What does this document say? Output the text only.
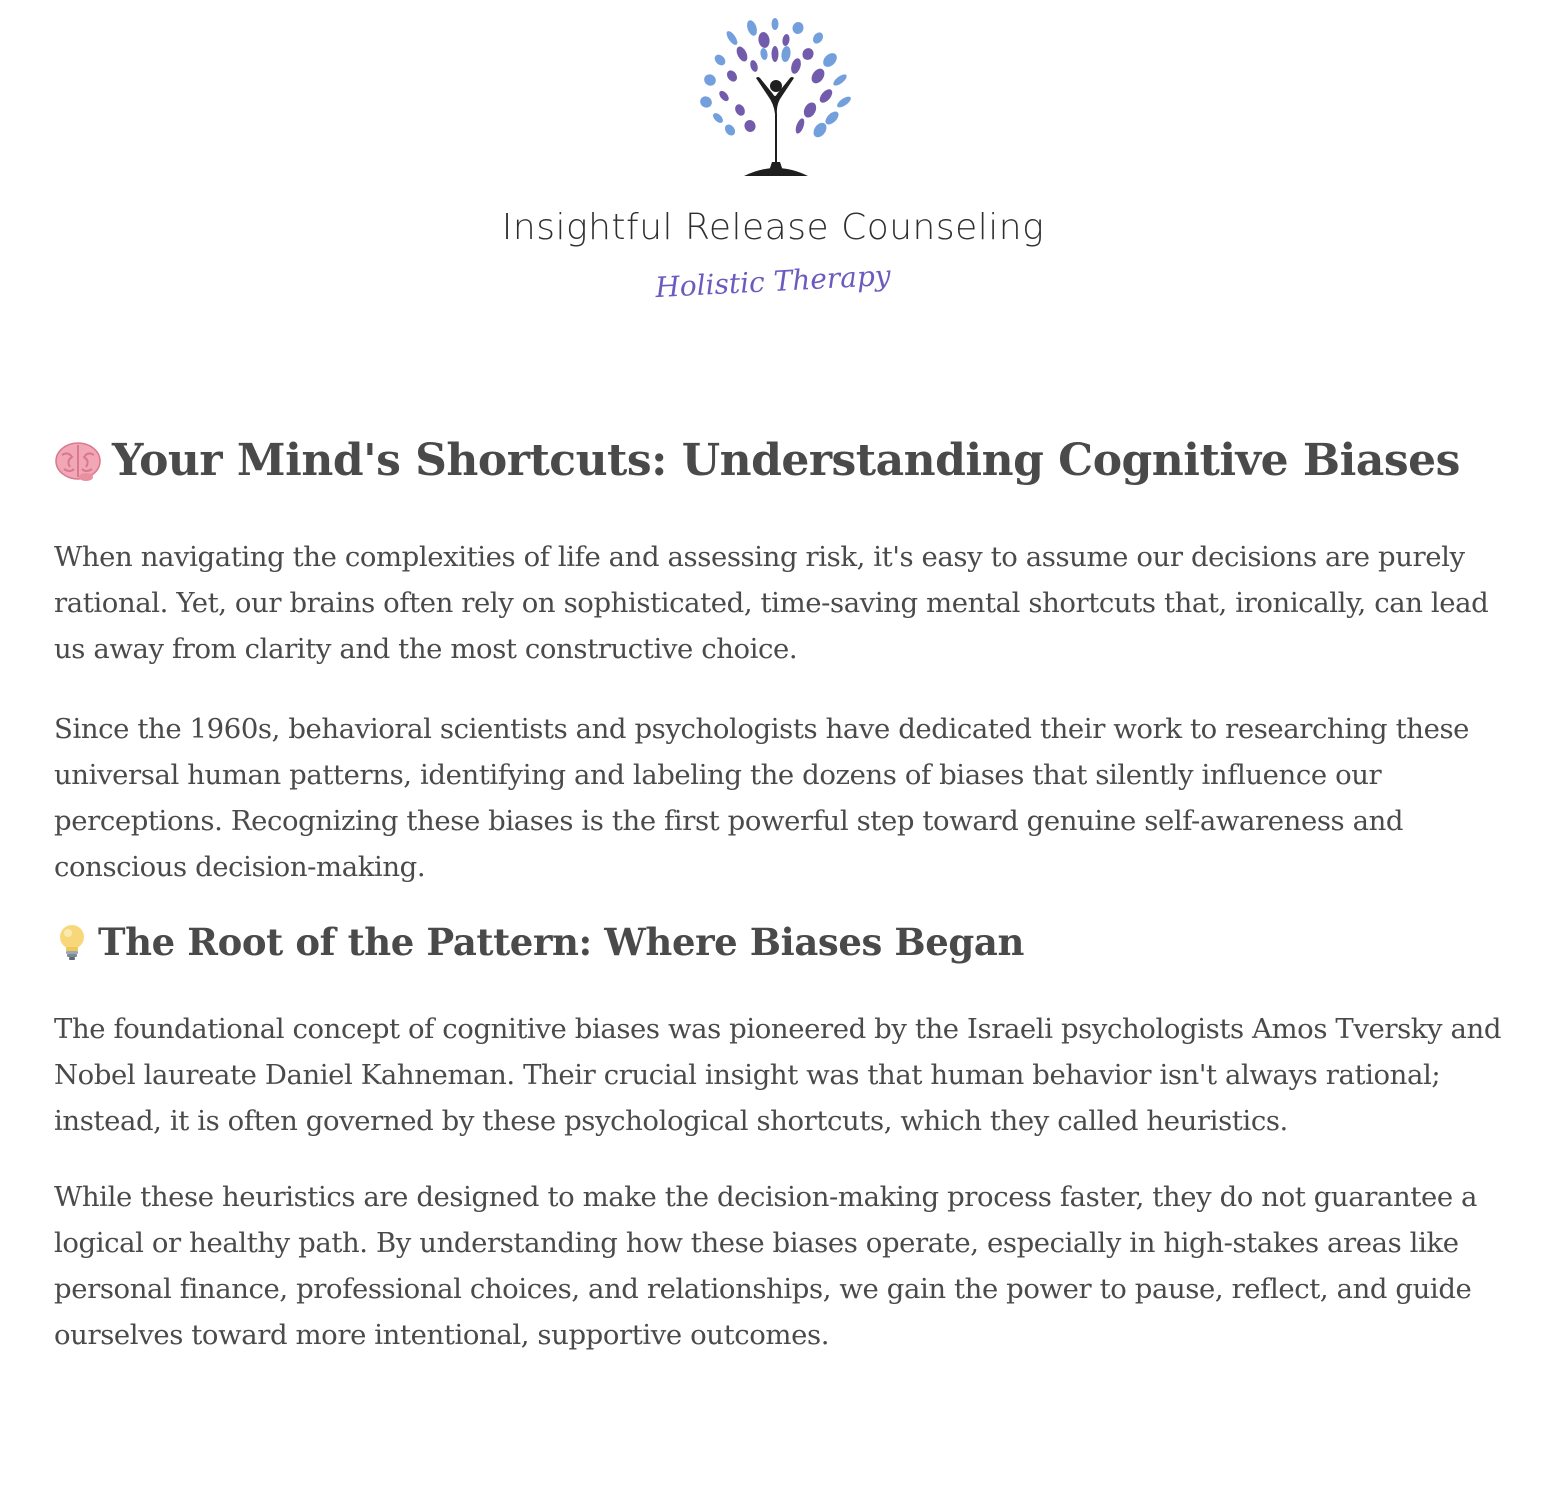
Insightful Release Counseling
Holistic Therapy
Your Mind's Shortcuts: Understanding Cognitive Biases

When navigating the complexities of life and assessing risk, it's easy to assume our decisions are purely rational. Yet, our brains often rely on sophisticated, time-saving mental shortcuts that, ironically, can lead us away from clarity and the most constructive choice.

Since the 1960s, behavioral scientists and psychologists have dedicated their work to researching these universal human patterns, identifying and labeling the dozens of biases that silently influence our perceptions. Recognizing these biases is the first powerful step toward genuine self-awareness and conscious decision-making.

The Root of the Pattern: Where Biases Began

The foundational concept of cognitive biases was pioneered by the Israeli psychologists Amos Tversky and Nobel laureate Daniel Kahneman. Their crucial insight was that human behavior isn't always rational; instead, it is often governed by these psychological shortcuts, which they called heuristics.

While these heuristics are designed to make the decision-making process faster, they do not guarantee a logical or healthy path. By understanding how these biases operate, especially in high-stakes areas like personal finance, professional choices, and relationships, we gain the power to pause, reflect, and guide ourselves toward more intentional, supportive outcomes.
